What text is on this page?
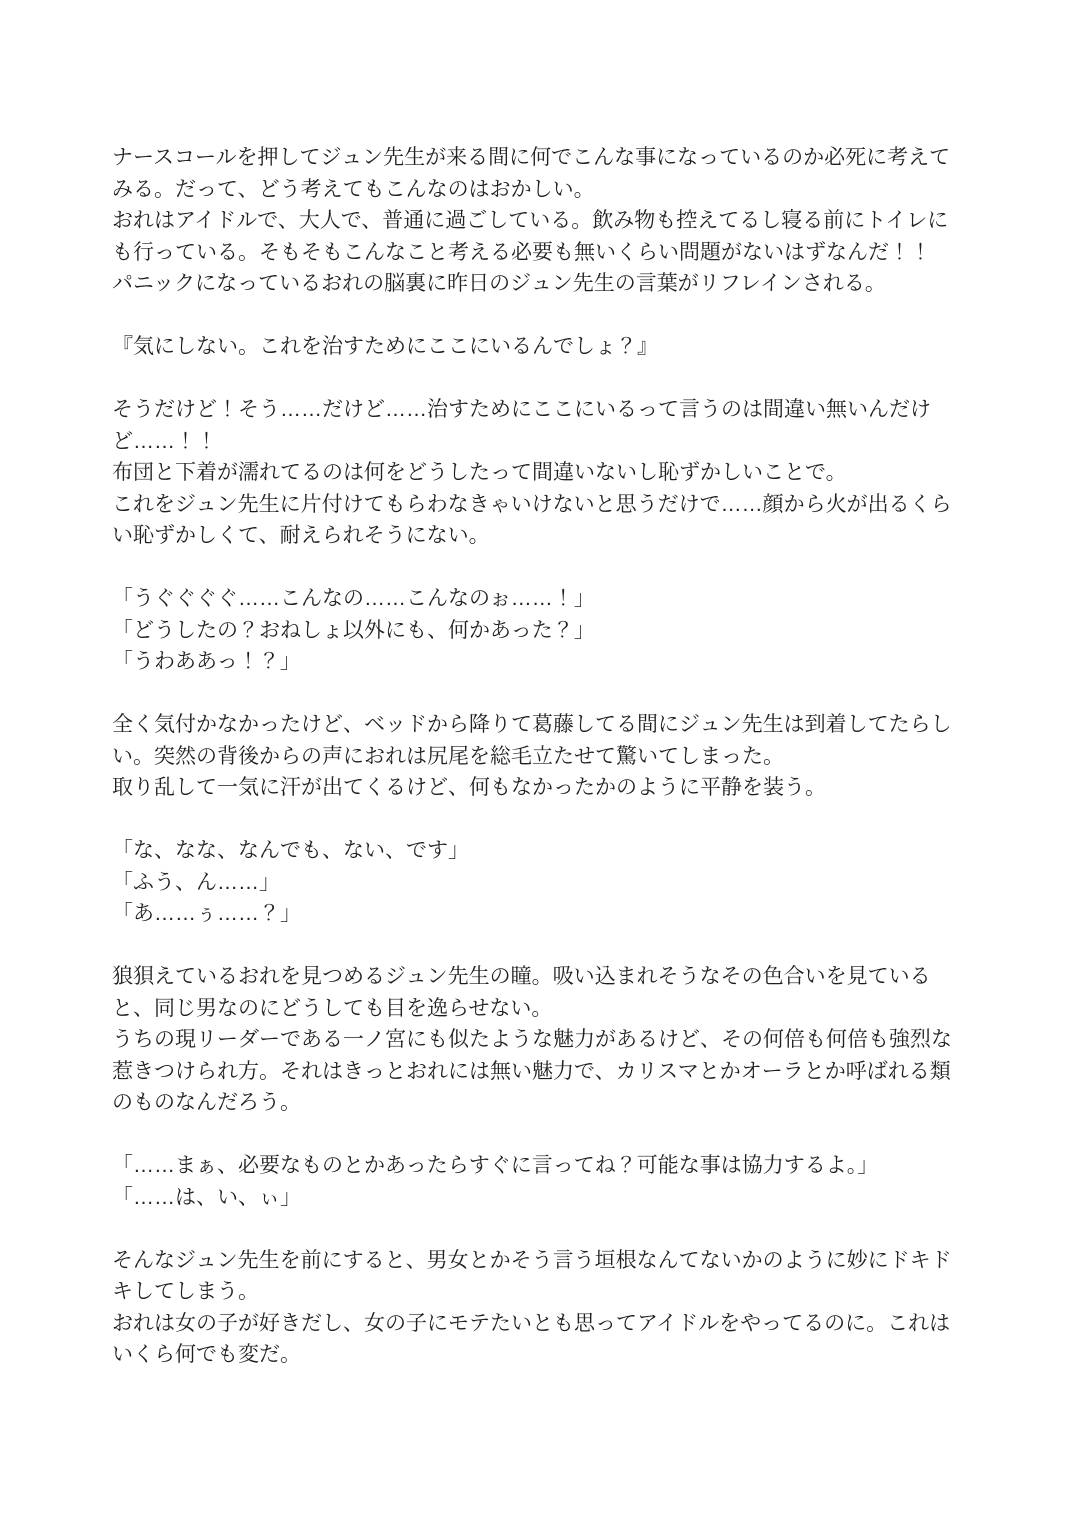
ナースコールを押してジュン先生が来る間に何でこんな事になっているのか必死に考えて
みる。だって、どう考えてもこんなのはおかしい。
おれはアイドルで、大人で、普通に過ごしている。飲み物も控えてるし寝る前にトイレに
も行っている。そもそもこんなこと考える必要も無いくらい問題がないはずなんだ！！
パニックになっているおれの脳裏に昨日のジュン先生の言葉がリフレインされる。

『気にしない。これを治すためにここにいるんでしょ？』

そうだけど！そう……だけど……治すためにここにいるって言うのは間違い無いんだけ
ど……！！
布団と下着が濡れてるのは何をどうしたって間違いないし恥ずかしいことで。
これをジュン先生に片付けてもらわなきゃいけないと思うだけで……顔から火が出るくら
い恥ずかしくて、耐えられそうにない。

「うぐぐぐぐ……こんなの……こんなのぉ……！」
「どうしたの？おねしょ以外にも、何かあった？」
「うわああっ！？」

全く気付かなかったけど、ベッドから降りて葛藤してる間にジュン先生は到着してたらし
い。突然の背後からの声におれは尻尾を総毛立たせて驚いてしまった。
取り乱して一気に汗が出てくるけど、何もなかったかのように平静を装う。

「な、なな、なんでも、ない、です」
「ふう、ん……」
「あ……ぅ……？」

狼狽えているおれを見つめるジュン先生の瞳。吸い込まれそうなその色合いを見ている
と、同じ男なのにどうしても目を逸らせない。
うちの現リーダーである一ノ宮にも似たような魅力があるけど、その何倍も何倍も強烈な
惹きつけられ方。それはきっとおれには無い魅力で、カリスマとかオーラとか呼ばれる類
のものなんだろう。

「……まぁ、必要なものとかあったらすぐに言ってね？可能な事は協力するよ。」
「……は、い、ぃ」

そんなジュン先生を前にすると、男女とかそう言う垣根なんてないかのように妙にドキド
キしてしまう。
おれは女の子が好きだし、女の子にモテたいとも思ってアイドルをやってるのに。これは
いくら何でも変だ。
